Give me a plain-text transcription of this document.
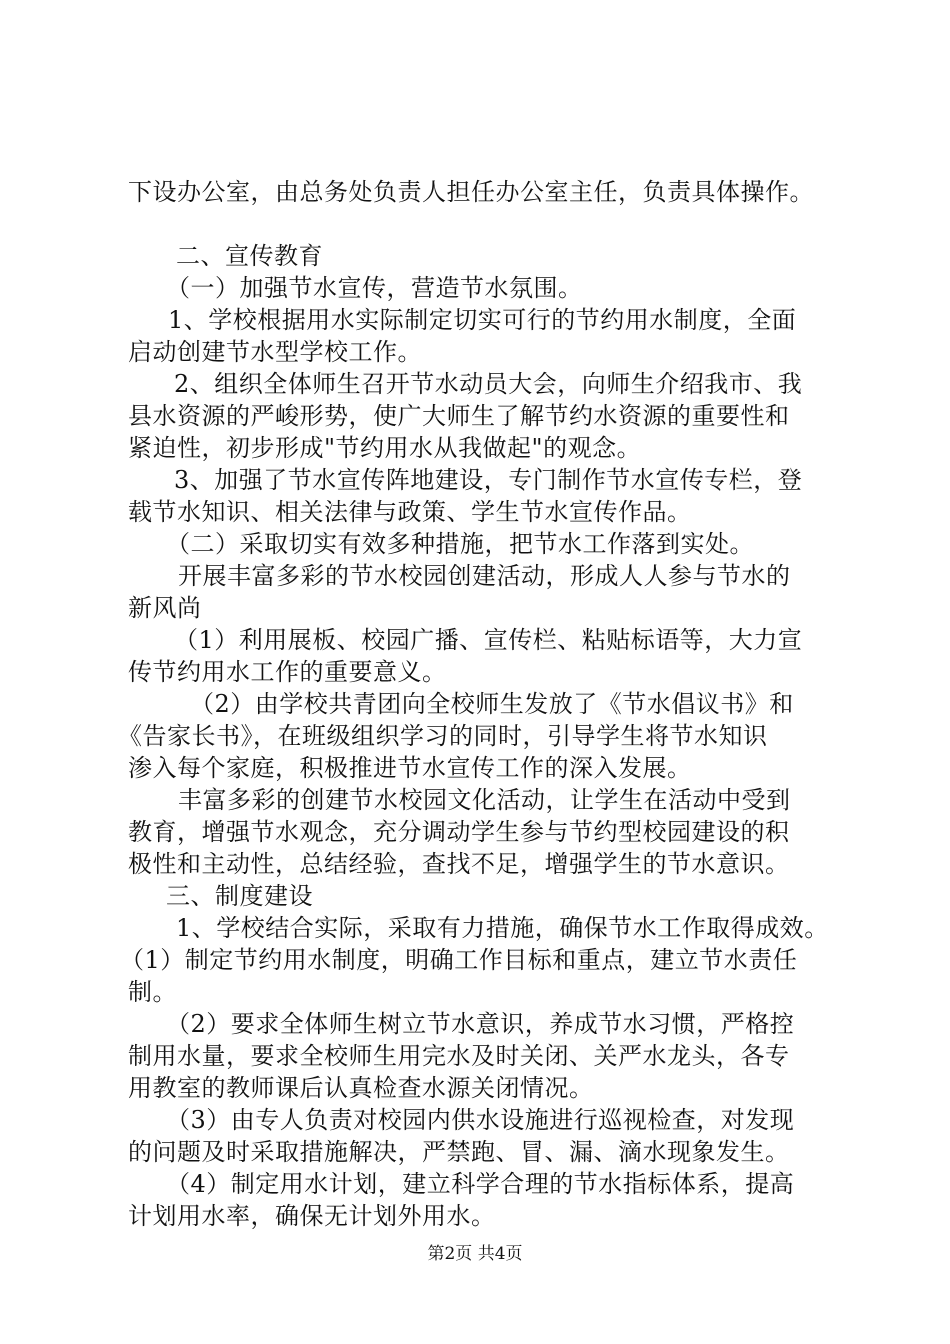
下设办公室，由总务处负责人担任办公室主任，负责具体操作。
二、宣传教育
（一）加强节水宣传，营造节水氛围。
1、学校根据用水实际制定切实可行的节约用水制度，全面
启动创建节水型学校工作。
2、组织全体师生召开节水动员大会，向师生介绍我市、我
县水资源的严峻形势，使广大师生了解节约水资源的重要性和
紧迫性，初步形成"节约用水从我做起"的观念。
3、加强了节水宣传阵地建设，专门制作节水宣传专栏，登
载节水知识、相关法律与政策、学生节水宣传作品。
（二）采取切实有效多种措施，把节水工作落到实处。
开展丰富多彩的节水校园创建活动，形成人人参与节水的
新风尚
（1）利用展板、校园广播、宣传栏、粘贴标语等，大力宣
传节约用水工作的重要意义。
（2）由学校共青团向全校师生发放了《节水倡议书》和
《告家长书》，在班级组织学习的同时，引导学生将节水知识
渗入每个家庭，积极推进节水宣传工作的深入发展。
丰富多彩的创建节水校园文化活动，让学生在活动中受到
教育，增强节水观念，充分调动学生参与节约型校园建设的积
极性和主动性，总结经验，查找不足，增强学生的节水意识。
三、制度建设
1、学校结合实际，采取有力措施，确保节水工作取得成效。
（1）制定节约用水制度，明确工作目标和重点，建立节水责任
制。
（2）要求全体师生树立节水意识，养成节水习惯，严格控
制用水量，要求全校师生用完水及时关闭、关严水龙头，各专
用教室的教师课后认真检查水源关闭情况。
（3）由专人负责对校园内供水设施进行巡视检查，对发现
的问题及时采取措施解决，严禁跑、冒、漏、滴水现象发生。
（4）制定用水计划，建立科学合理的节水指标体系，提高
计划用水率，确保无计划外用水。
第2页 共4页
